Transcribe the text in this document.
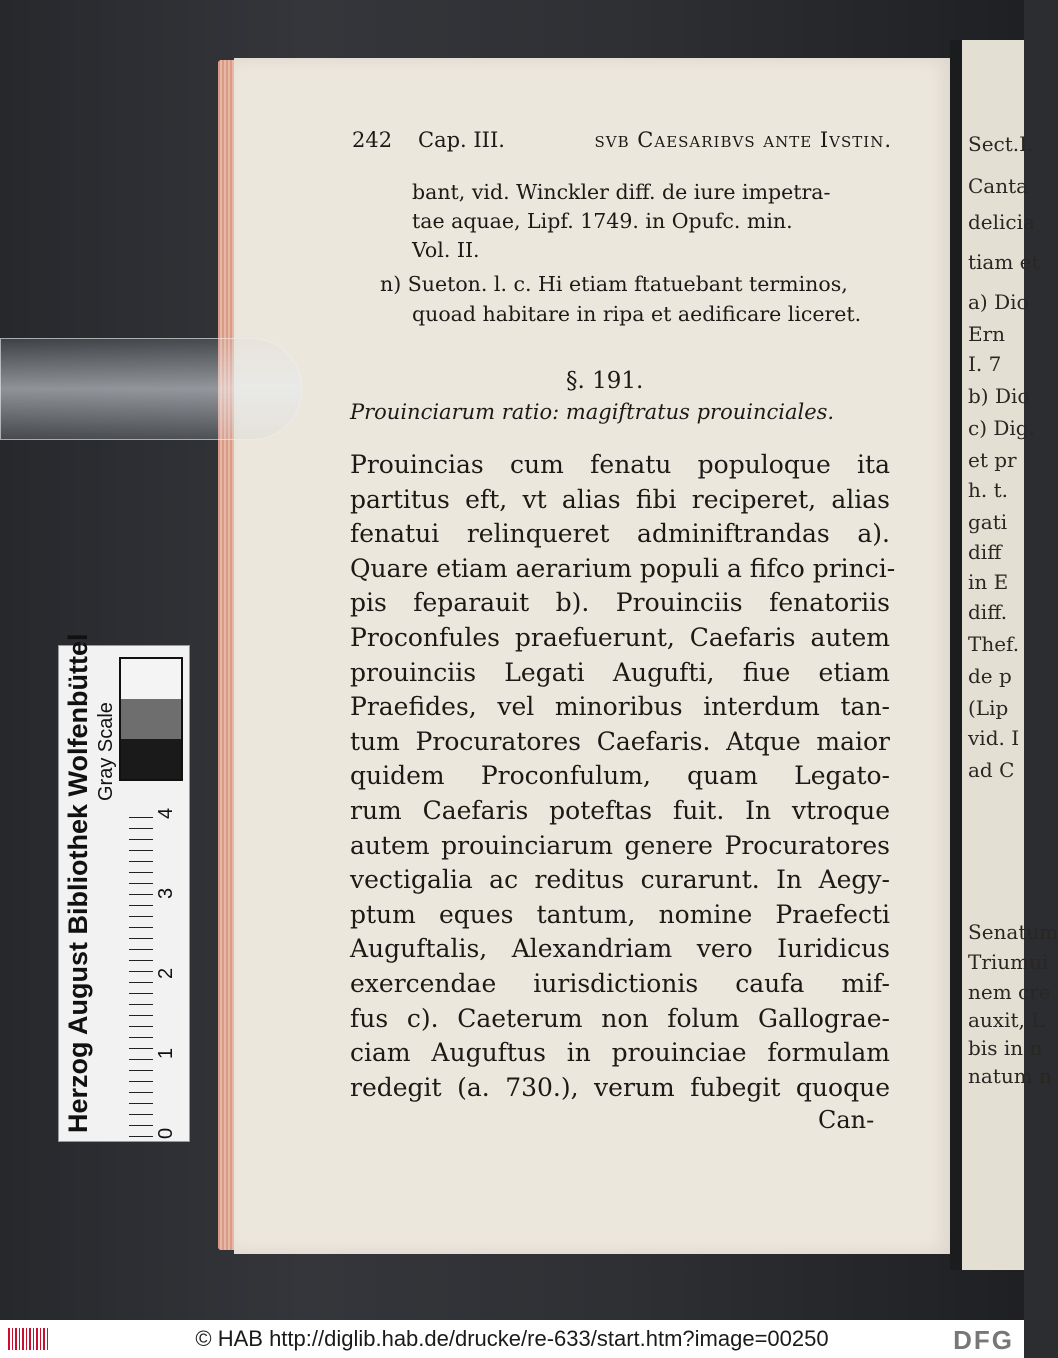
Sect.I.
Canta
delicia
tiam et
a) Dio
Ern
I. 7
b) Dio
c) Dig.
et pr
h. t.
gati
diff
in E
diff.
Thef.
de p
(Lip
vid. I
ad C
Senatum
Triumui
nem cre
auxit, L
bis in n
natum n
242 Cap. III.	svb Caesaribvs ante Ivstin.
bant, vid. Winckler diff. de iure impetra-
tae aquae, Lipf. 1749. in Opufc. min.
Vol. II.
n) Sueton. l. c. Hi etiam ftatuebant terminos,
quoad habitare in ripa et aedificare liceret.
§. 191.
Prouinciarum ratio: magiftratus prouinciales.
Prouincias cum fenatu populoque ita
partitus eft, vt alias fibi reciperet, alias
fenatui relinqueret adminiftrandas a).
Quare etiam aerarium populi a fifco princi-
pis feparauit b). Prouinciis fenatoriis
Proconfules praefuerunt, Caefaris autem
prouinciis Legati Augufti, fiue etiam
Praefides, vel minoribus interdum tan-
tum Procuratores Caefaris. Atque maior
quidem Proconfulum, quam Legato-
rum Caefaris poteftas fuit. In vtroque
autem prouinciarum genere Procuratores
vectigalia ac reditus curarunt. In Aegy-
ptum eques tantum, nomine Praefecti
Auguftalis, Alexandriam vero Iuridicus
exercendae iurisdictionis caufa mif-
fus c). Caeterum non folum Gallograe-
ciam Auguftus in prouinciae formulam
redegit (a. 730.), verum fubegit quoque
Can-
Herzog August Bibliothek Wolfenbüttel
0
1
2
3
4
Gray Scale
© HAB http://diglib.hab.de/drucke/re-633/start.htm?image=00250	DFG
